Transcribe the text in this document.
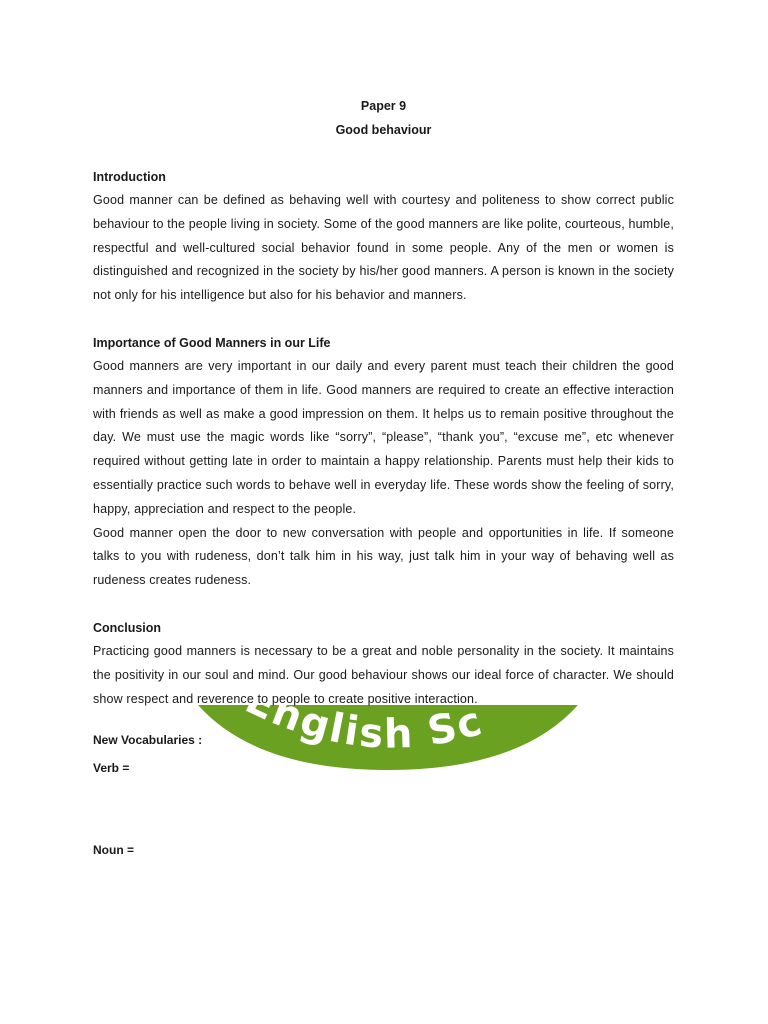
-English Sc
Paper 9
Good behaviour
Introduction

Good manner can be defined as behaving well with courtesy and politeness to show correct public behaviour to the people living in society. Some of the good manners are like polite, courteous, humble, respectful and well-cultured social behavior found in some people. Any of the men or women is distinguished and recognized in the society by his/her good manners. A person is known in the society not only for his intelligence but also for his behavior and manners.

Importance of Good Manners in our Life

Good manners are very important in our daily and every parent must teach their children the good manners and importance of them in life. Good manners are required to create an effective interaction with friends as well as make a good impression on them. It helps us to remain positive throughout the day. We must use the magic words like “sorry”, “please”, “thank you”, “excuse me”, etc whenever required without getting late in order to maintain a happy relationship. Parents must help their kids to essentially practice such words to behave well in everyday life. These words show the feeling of sorry, happy, appreciation and respect to the people.

Good manner open the door to new conversation with people and opportunities in life. If someone talks to you with rudeness, don’t talk him in his way, just talk him in your way of behaving well as rudeness creates rudeness.

Conclusion

Practicing good manners is necessary to be a great and noble personality in the society. It maintains the positivity in our soul and mind. Our good behaviour shows our ideal force of character. We should show respect and reverence to people to create positive interaction.

New Vocabularies :
Verb =
Noun =
